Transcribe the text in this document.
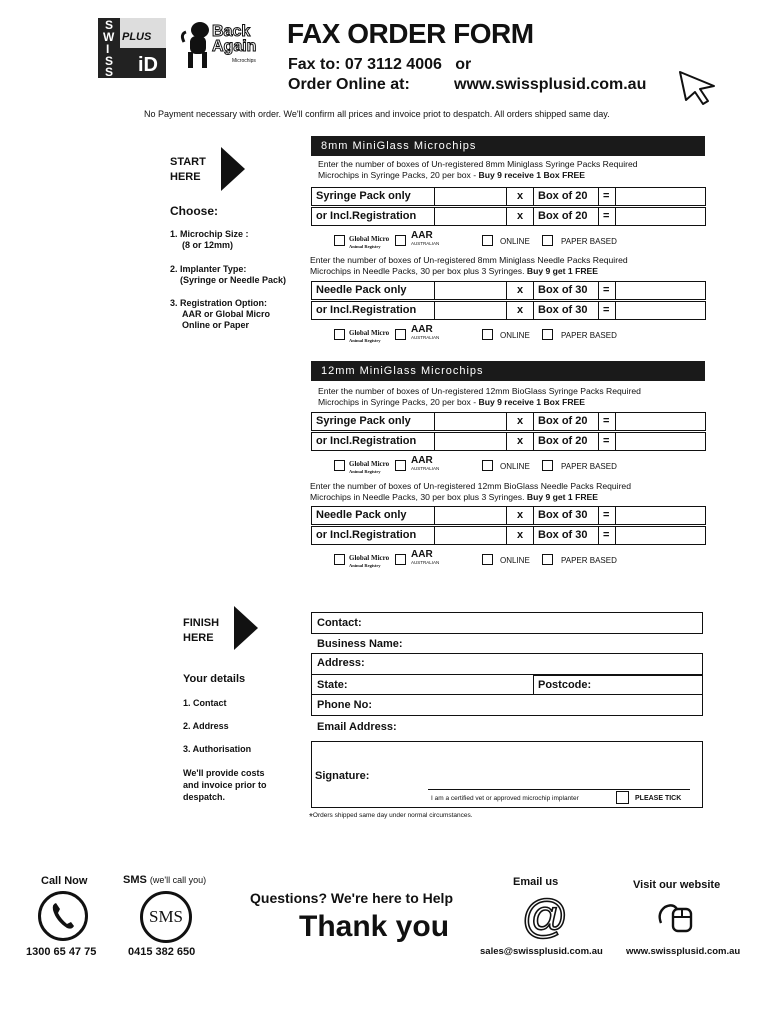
S
W
I
S
S
PLUS
iD
Back Again
Microchips
FAX ORDER FORM
Fax to: 07 3112 4006   or
Order Online at:	www.swissplusid.com.au
No Payment necessary with order. We'll confirm all prices and invoice priot to despatch. All orders shipped same day.
START
HERE
Choose:
1. Microchip Size :
(8 or 12mm)
2. Implanter Type:
(Syringe or Needle Pack)
3. Registration Option:
AAR or Global Micro
Online or Paper
8mm MiniGlass Microchips
Enter the number of boxes of Un-registered 8mm Miniglass Syringe Packs Required
Microchips in Syringe Packs, 20 per box - Buy 9 receive 1 Box FREE
Syringe Pack only	x	Box of 20	=
or Incl.Registration	x	Box of 20	=
Global Micro
Animal Registry
AAR
AUSTRALIAN	ONLINE	PAPER BASED
Enter the number of boxes of Un-registered 8mm Miniglass Needle Packs Required
Microchips in Needle Packs, 30 per box plus 3 Syringes. Buy 9 get 1 FREE
Needle Pack only	x	Box of 30	=
or Incl.Registration	x	Box of 30	=
Global Micro
Animal Registry
AAR
AUSTRALIAN	ONLINE	PAPER BASED
12mm MiniGlass Microchips
Enter the number of boxes of Un-registered 12mm BioGlass Syringe Packs Required
Microchips in Syringe Packs, 20 per box - Buy 9 receive 1 Box FREE
Syringe Pack only	x	Box of 20	=
or Incl.Registration	x	Box of 20	=
Global Micro
Animal Registry
AAR
AUSTRALIAN	ONLINE	PAPER BASED
Enter the number of boxes of Un-registered 12mm BioGlass Needle Packs Required
Microchips in Needle Packs, 30 per box plus 3 Syringes. Buy 9 get 1 FREE
Needle Pack only	x	Box of 30	=
or Incl.Registration	x	Box of 30	=
Global Micro
Animal Registry
AAR
AUSTRALIAN	ONLINE	PAPER BASED
FINISH
HERE
Your details
1. Contact
2. Address
3. Authorisation
We'll provide costs
and invoice prior to
despatch.
Contact:
Business Name:
Address:
State:	Postcode:
Phone No:
Email Address:
Signature:
I am a certified vet or approved microchip implanter	PLEASE TICK
*Orders shipped same day under normal circumstances.
Call Now
1300 65 47 75
SMS (we'll call you)
SMS
0415 382 650
Questions? We're here to Help
Thank you
Email us
@
sales@swissplusid.com.au
Visit our website
www.swissplusid.com.au
